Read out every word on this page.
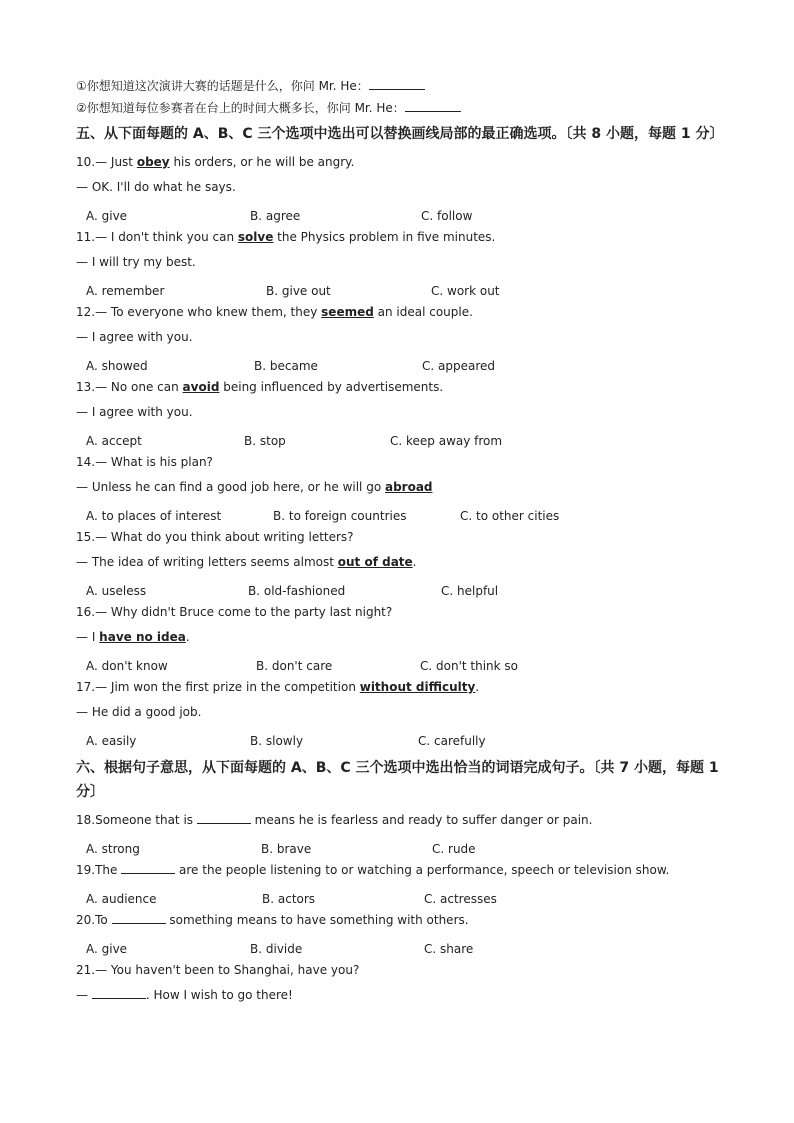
①你想知道这次演讲大赛的话题是什么，你问 Mr. He：
②你想知道每位参赛者在台上的时间大概多长，你问 Mr. He：
五、从下面每题的 A、B、C 三个选项中选出可以替换画线局部的最正确选项。〔共 8 小题，每题 1 分〕
10.— Just obey his orders, or he will be angry.
— OK. I'll do what he says.
A. give	B. agree	C. follow
11.— I don't think you can solve the Physics problem in five minutes.
— I will try my best.
A. remember	B. give out	C. work out
12.— To everyone who knew them, they seemed an ideal couple.
— I agree with you.
A. showed	B. became	C. appeared
13.— No one can avoid being influenced by advertisements.
— I agree with you.
A. accept	B. stop	C. keep away from
14.— What is his plan?
— Unless he can find a good job here, or he will go abroad
A. to places of interest	B. to foreign countries	C. to other cities
15.— What do you think about writing letters?
— The idea of writing letters seems almost out of date.
A. useless	B. old-fashioned	C. helpful
16.— Why didn't Bruce come to the party last night?
— I have no idea.
A. don't know	B. don't care	C. don't think so
17.— Jim won the first prize in the competition without difficulty.
— He did a good job.
A. easily	B. slowly	C. carefully
六、根据句子意思，从下面每题的 A、B、C 三个选项中选出恰当的词语完成句子。〔共 7 小题，每题 1 分〕
18.Someone that is	means he is fearless and ready to suffer danger or pain.
A. strong	B. brave	C. rude
19.The	are the people listening to or watching a performance, speech or television show.
A. audience	B. actors	C. actresses
20.To	something means to have something with others.
A. give	B. divide	C. share
21.— You haven't been to Shanghai, have you?
—	. How I wish to go there!
